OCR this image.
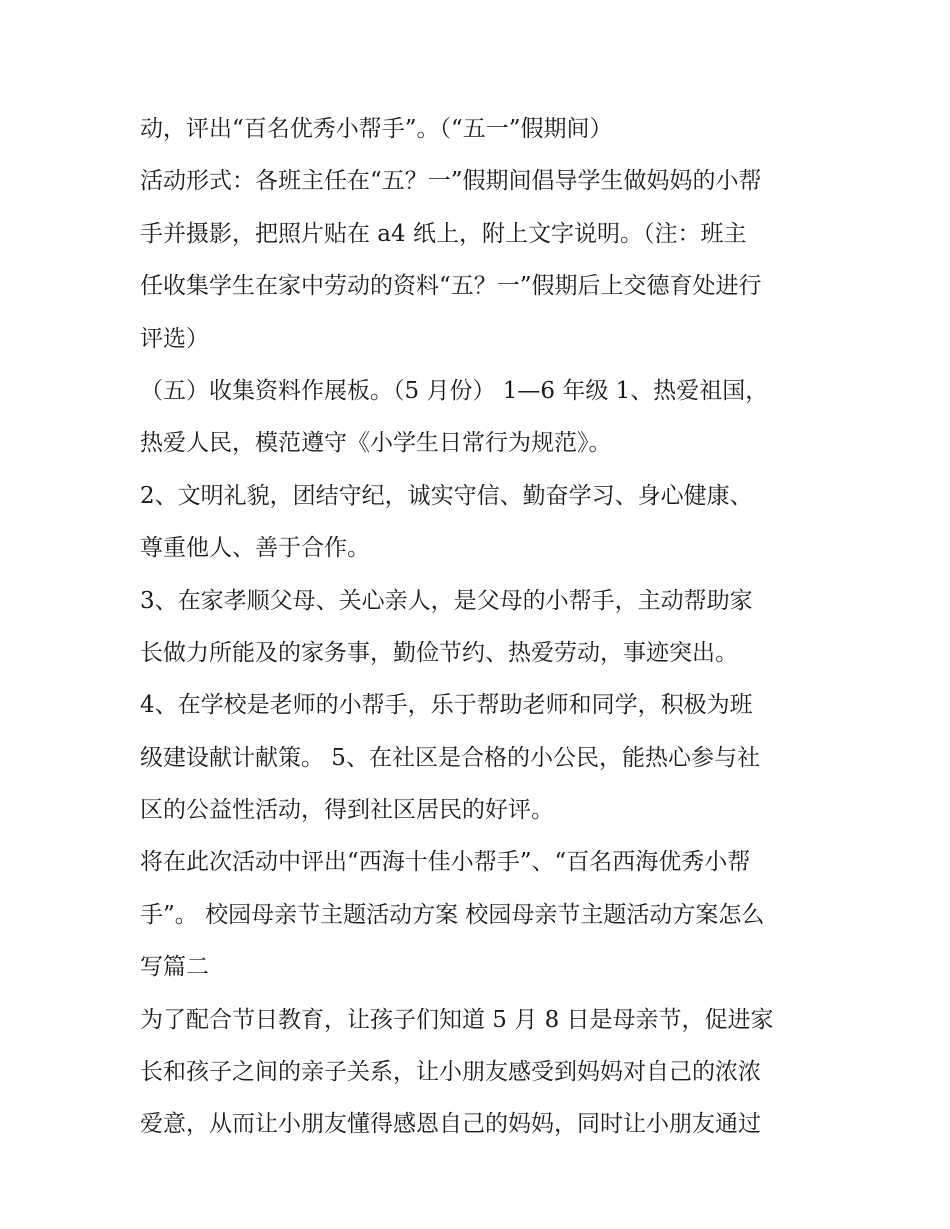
动，评出“百名优秀小帮手”。（“五一”假期间）
活动形式：各班主任在“五？一”假期间倡导学生做妈妈的小帮
手并摄影，把照片贴在 a4 纸上，附上文字说明。（注：班主
任收集学生在家中劳动的资料“五？一”假期后上交德育处进行
评选）
（五）收集资料作展板。（5 月份） 1—6 年级 1、热爱祖国，
热爱人民，模范遵守《小学生日常行为规范》。
2、文明礼貌，团结守纪，诚实守信、勤奋学习、身心健康、
尊重他人、善于合作。
3、在家孝顺父母、关心亲人，是父母的小帮手，主动帮助家
长做力所能及的家务事，勤俭节约、热爱劳动，事迹突出。
4、在学校是老师的小帮手，乐于帮助老师和同学，积极为班
级建设献计献策。 5、在社区是合格的小公民，能热心参与社
区的公益性活动，得到社区居民的好评。
将在此次活动中评出“西海十佳小帮手”、“百名西海优秀小帮
手”。 校园母亲节主题活动方案 校园母亲节主题活动方案怎么
写篇二
为了配合节日教育，让孩子们知道 5 月 8 日是母亲节，促进家
长和孩子之间的亲子关系，让小朋友感受到妈妈对自己的浓浓
爱意，从而让小朋友懂得感恩自己的妈妈，同时让小朋友通过
